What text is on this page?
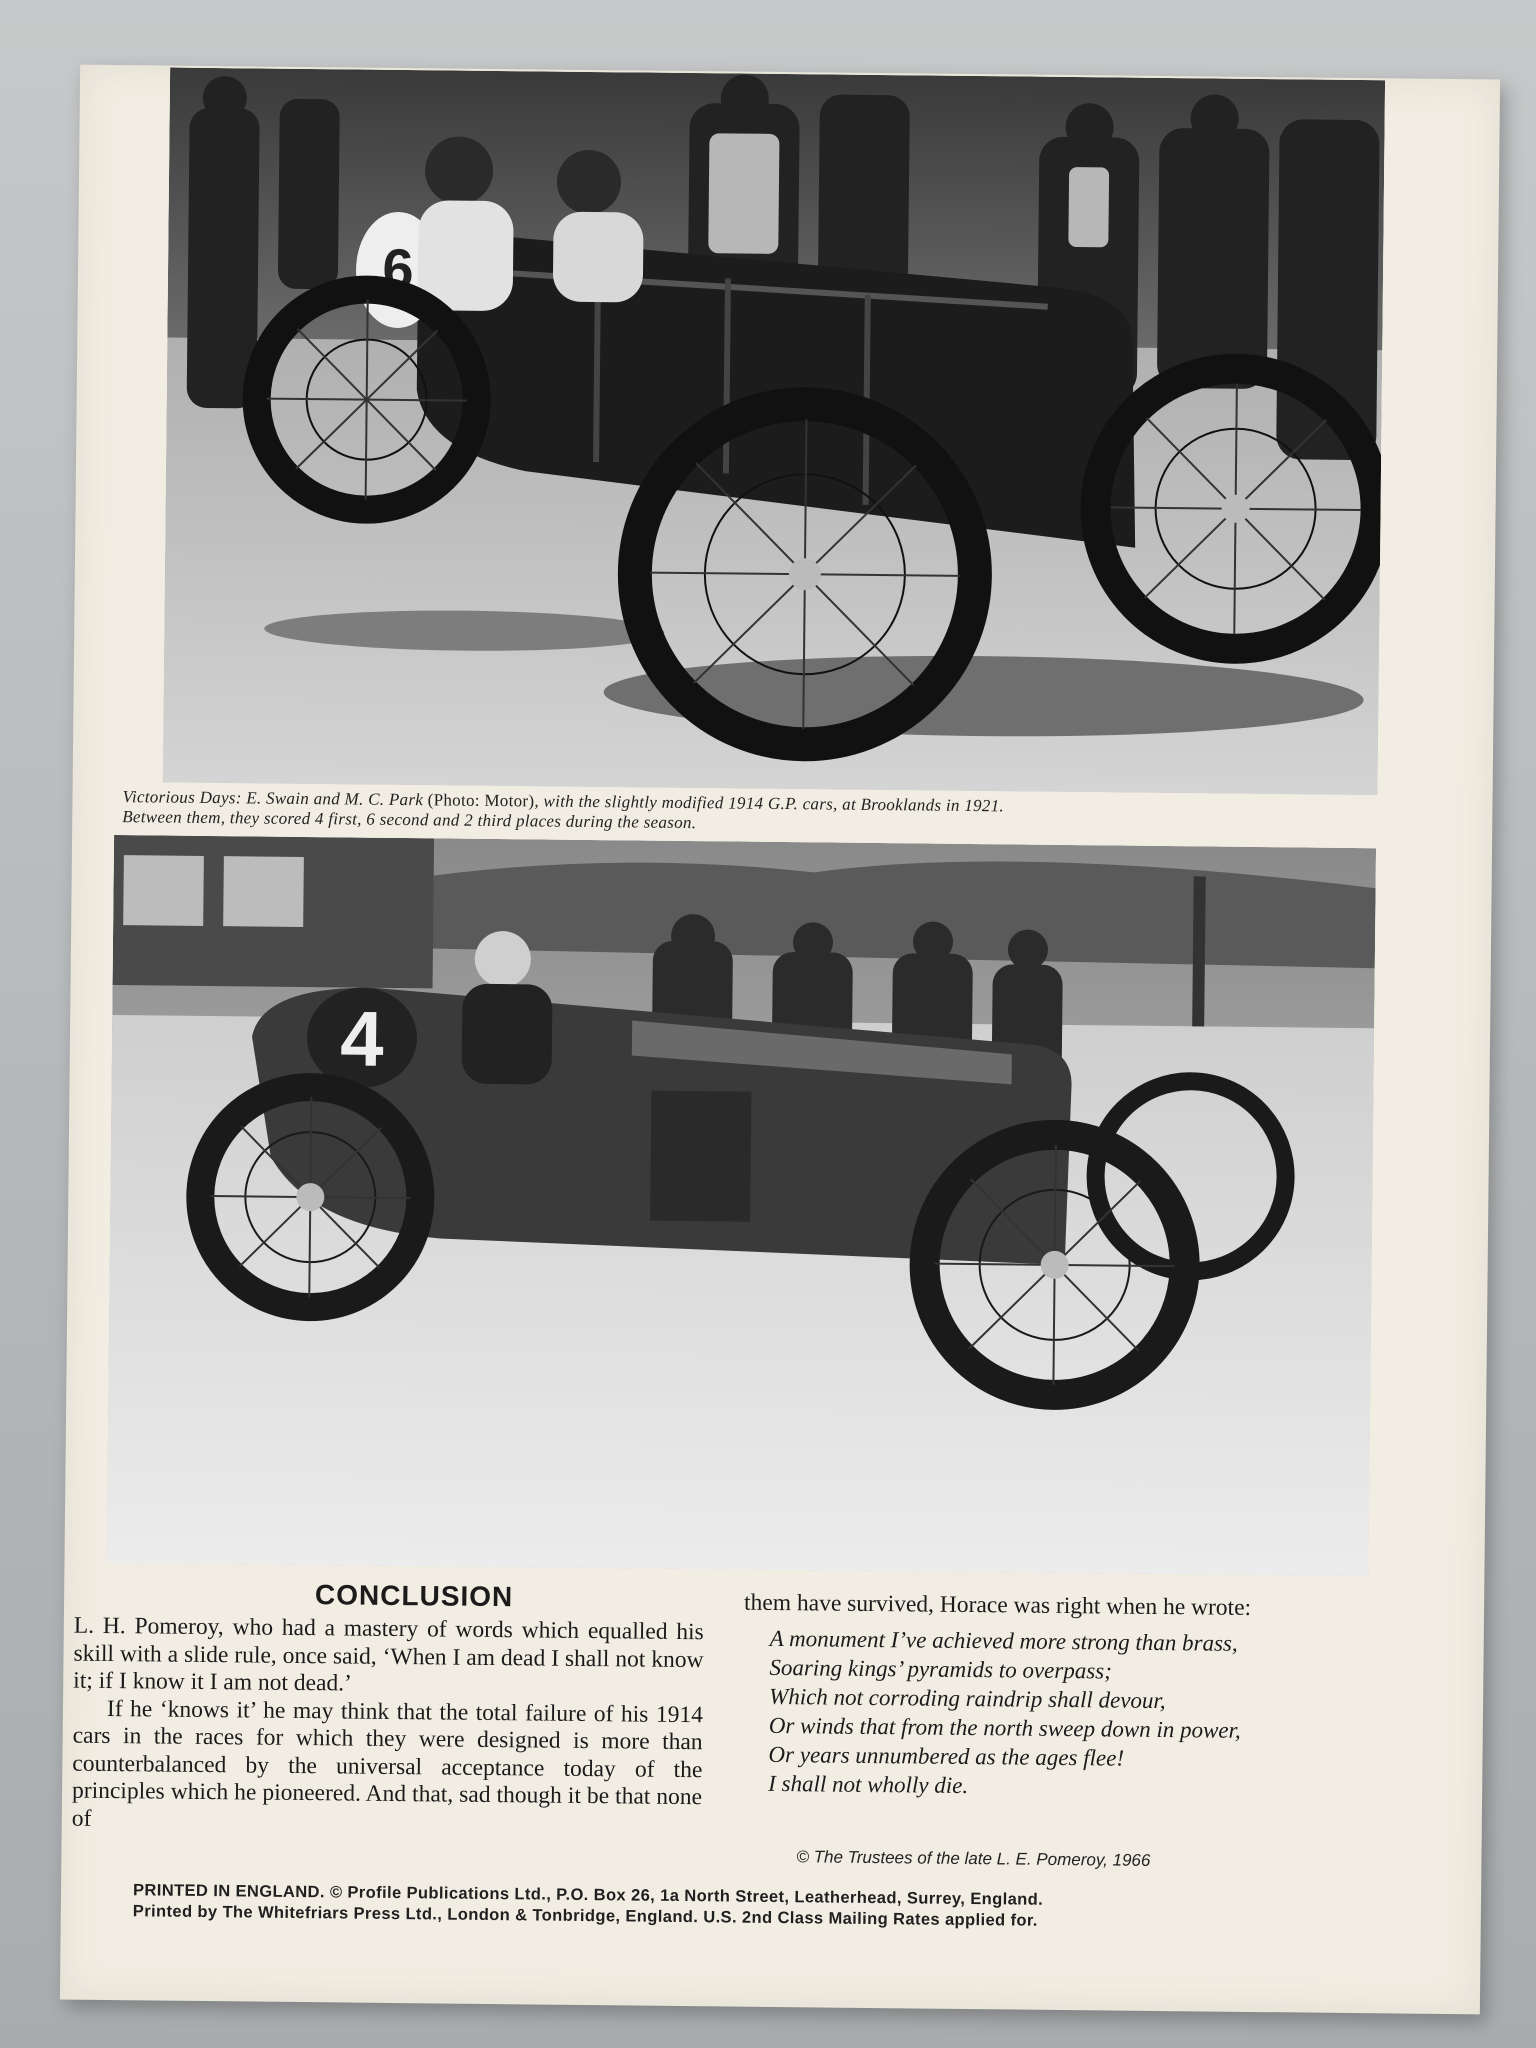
6
Victorious Days: E. Swain and M. C. Park (Photo: Motor), with the slightly modified 1914 G.P. cars, at Brooklands in 1921.
Between them, they scored 4 first, 6 second and 2 third places during the season.
4
CONCLUSION

L. H. Pomeroy, who had a mastery of words which equalled his skill with a slide rule, once said, ‘When I am dead I shall not know it; if I know it I am not dead.’

If he ‘knows it’ he may think that the total failure of his 1914 cars in the races for which they were designed is more than counterbalanced by the universal acceptance today of the principles which he pioneered. And that, sad though it be that none of

them have survived, Horace was right when he wrote:

A monument I’ve achieved more strong than brass,
Soaring kings’ pyramids to overpass;
Which not corroding raindrip shall devour,
Or winds that from the north sweep down in power,
Or years unnumbered as the ages flee!
I shall not wholly die.
© The Trustees of the late L. E. Pomeroy, 1966
PRINTED IN ENGLAND. © Profile Publications Ltd., P.O. Box 26, 1a North Street, Leatherhead, Surrey, England.
Printed by The Whitefriars Press Ltd., London & Tonbridge, England. U.S. 2nd Class Mailing Rates applied for.
